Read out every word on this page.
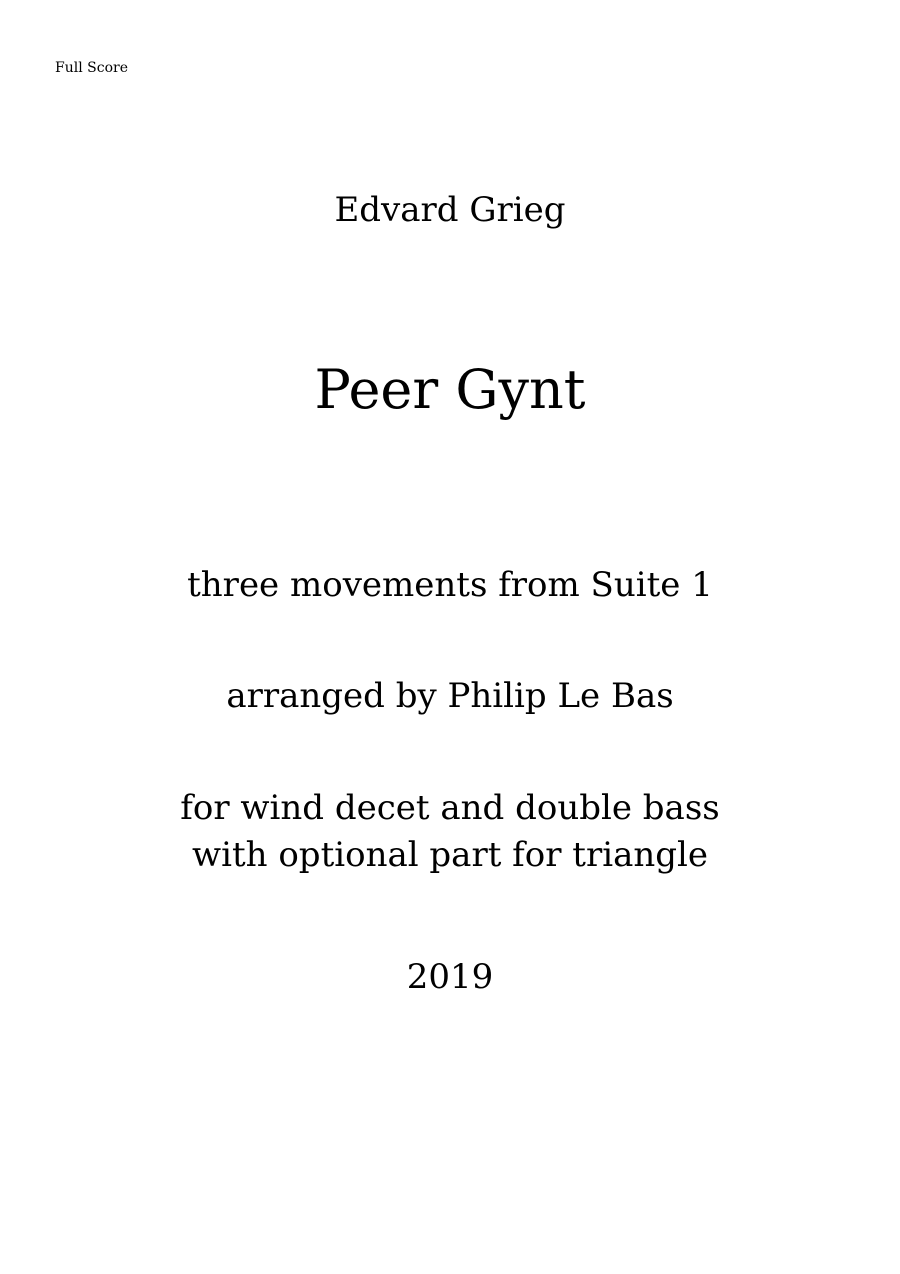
Full Score
Edvard Grieg
Peer Gynt
three movements from Suite 1
arranged by Philip Le Bas
for wind decet and double bass
with optional part for triangle
2019
